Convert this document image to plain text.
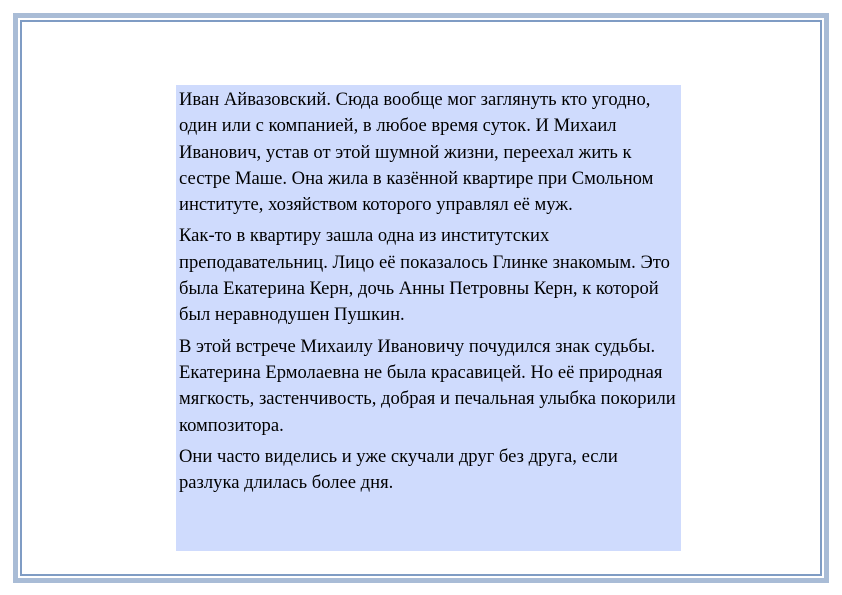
Иван Айвазовский. Сюда вообще мог заглянуть кто угодно, один или с компанией, в любое время суток. И Михаил Иванович, устав от этой шумной жизни, переехал жить к сестре Маше. Она жила в казённой квартире при Смольном институте, хозяйством которого управлял её муж.

Как-то в квартиру зашла одна из институтских преподавательниц. Лицо её показалось Глинке знакомым. Это была Екатерина Керн, дочь Анны Петровны Керн, к которой был неравнодушен Пушкин.

В этой встрече Михаилу Ивановичу почудился знак судьбы. Екатерина Ермолаевна не была красавицей. Но её природная мягкость, застенчивость, добрая и печальная улыбка покорили композитора.

Они часто виделись и уже скучали друг без друга, если разлука длилась более дня.
